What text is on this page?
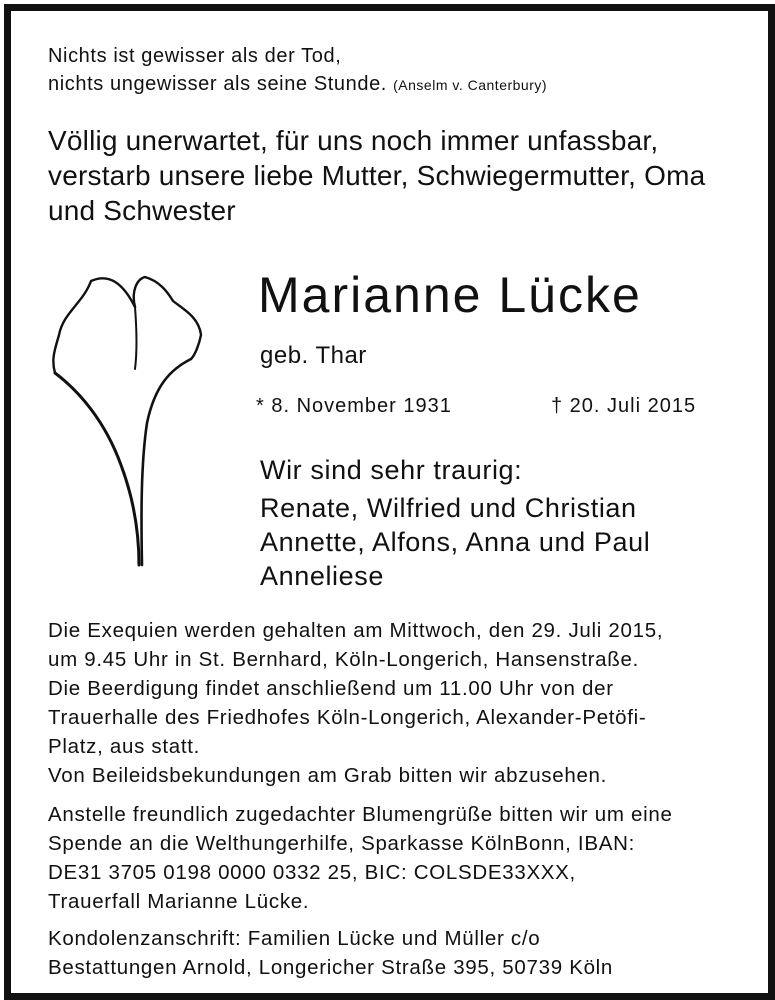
Nichts ist gewisser als der Tod,
nichts ungewisser als seine Stunde. (Anselm v. Canterbury)
Völlig unerwartet, für uns noch immer unfassbar,
verstarb unsere liebe Mutter, Schwiegermutter, Oma
und Schwester
Marianne Lücke
geb. Thar
* 8. November 1931	† 20. Juli 2015
Wir sind sehr traurig:
Renate, Wilfried und Christian
Annette, Alfons, Anna und Paul
Anneliese
Die Exequien werden gehalten am Mittwoch, den 29. Juli 2015,
um 9.45 Uhr in St. Bernhard, Köln-Longerich, Hansenstraße.
Die Beerdigung findet anschließend um 11.00 Uhr von der
Trauerhalle des Friedhofes Köln-Longerich, Alexander-Petöfi-
Platz, aus statt.
Von Beileidsbekundungen am Grab bitten wir abzusehen.
Anstelle freundlich zugedachter Blumengrüße bitten wir um eine
Spende an die Welthungerhilfe, Sparkasse KölnBonn, IBAN:
DE31 3705 0198 0000 0332 25, BIC: COLSDE33XXX,
Trauerfall Marianne Lücke.
Kondolenzanschrift: Familien Lücke und Müller c/o
Bestattungen Arnold, Longericher Straße 395, 50739 Köln
